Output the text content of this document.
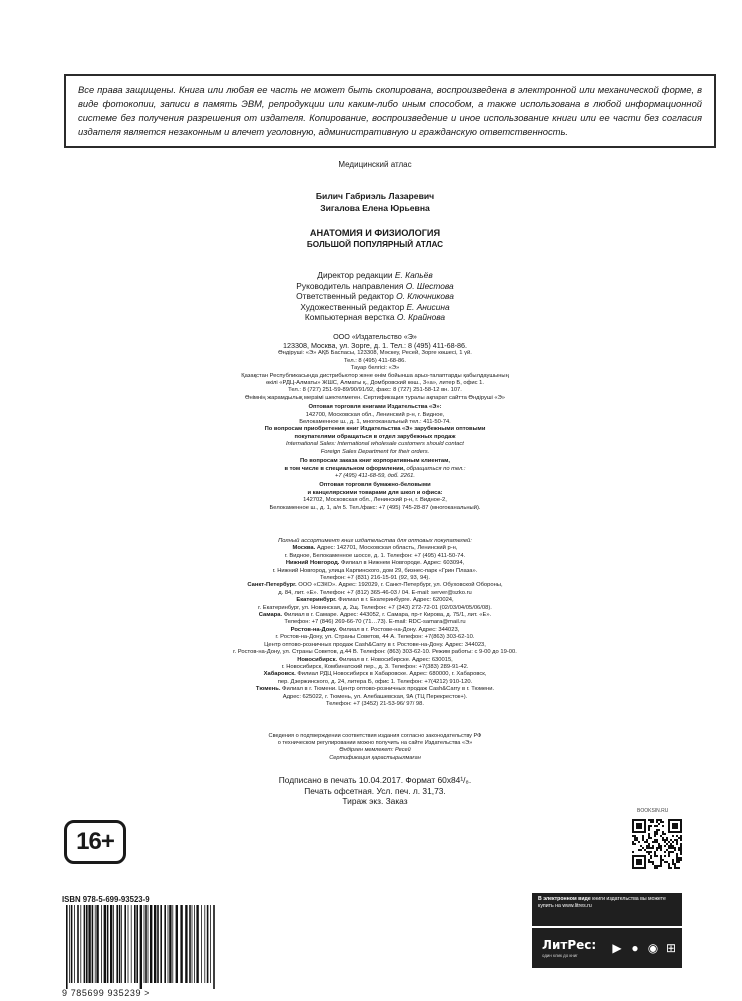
Все права защищены. Книга или любая ее часть не может быть скопирована, воспроизведена в электронной или механической форме, в виде фотокопии, записи в память ЭВМ, репродукции или каким-либо иным способом, а также использована в любой информационной системе без получения разрешения от издателя. Копирование, воспроизведение и иное использование книги или ее части без согласия издателя является незаконным и влечет уголовную, административную и гражданскую ответственность.
Медицинский атлас
Билич Габриэль Лазаревич
Зигалова Елена Юрьевна
АНАТОМИЯ И ФИЗИОЛОГИЯ
БОЛЬШОЙ ПОПУЛЯРНЫЙ АТЛАС
Директор редакции Е. Капьёв
Руководитель направления О. Шестова
Ответственный редактор О. Ключникова
Художественный редактор Е. Анисина
Компьютерная верстка О. Крайнова
ООО «Издательство «Э»
123308, Москва, ул. Зорге, д. 1. Тел.: 8 (495) 411-68-86.
Өндіруші: «Э» АҚБ Баспасы, 123308, Мәскеу, Ресей, Зорге көшесі, 1 үй.
Тел.: 8 (495) 411-68-86.
Тауар белгісі: «Э»
Қазақстан Республикасында дистрибьютор және өнім бойынша арыз-талаптарды қабылдаушының
өкілі «РДЦ-Алматы» ЖШС, Алматы қ., Домбровский көш., 3«а», литер Б, офис 1.
Тел.: 8 (727) 251-59-89/90/91/92, факс: 8 (727) 251-58-12 вн. 107.
Өнімнің жарамдылық мерзімі шектелмеген. Сертификация туралы ақпарат сайтта Өндіруші «Э»
Оптовая торговля книгами Издательства «Э»:
142700, Московская обл., Ленинский р-н, г. Видное,
Белокаменное ш., д. 1, многоканальный тел.: 411-50-74.
По вопросам приобретения книг Издательства «Э» зарубежными оптовыми
покупателями обращаться в отдел зарубежных продаж
International Sales: International wholesale customers should contact
Foreign Sales Department for their orders.
По вопросам заказа книг корпоративным клиентам,
в том числе в специальном оформлении, обращаться по тел.:
+7 (495) 411-68-59, доб. 2261.
Оптовая торговля бумажно-беловыми
и канцелярскими товарами для школ и офиса:
142702, Московская обл., Ленинский р-н, г. Видное-2,
Белокаменное ш., д. 1, а/я 5. Тел./факс: +7 (495) 745-28-87 (многоканальный).
Полный ассортимент книг издательства для оптовых покупателей:
Москва. Адрес: 142701, Московская область, Ленинский р-н,
г. Видное, Белокаменное шоссе, д. 1. Телефон: +7 (495) 411-50-74.
Нижний Новгород. Филиал в Нижнем Новгороде. Адрес: 603094,
г. Нижний Новгород, улица Карпинского, дом 29, бизнес-парк «Грин Плаза».
Телефон: +7 (831) 216-15-91 (92, 93, 94).
Санкт-Петербург. ООО «СЗКО». Адрес: 192029, г. Санкт-Петербург, ул. Обуховской Обороны,
д. 84, лит. «Е». Телефон: +7 (812) 365-46-03 / 04. E-mail: server@szko.ru
Екатеринбург. Филиал в г. Екатеринбурге. Адрес: 620024,
г. Екатеринбург, ул. Новинская, д. 2щ. Телефон: +7 (343) 272-72-01 (02/03/04/05/06/08).
Самара. Филиал в г. Самаре. Адрес: 443052, г. Самара, пр-т Кирова, д. 75/1, лит. «Е».
Телефон: +7 (846) 269-66-70 (71…73). E-mail: RDC-samara@mail.ru
Ростов-на-Дону. Филиал в г. Ростове-на-Дону. Адрес: 344023,
г. Ростов-на-Дону, ул. Страны Советов, 44 А. Телефон: +7(863) 303-62-10.
Центр оптово-розничных продаж Cash&Carry в г. Ростове-на-Дону. Адрес: 344023,
г. Ростов-на-Дону, ул. Страны Советов, д.44 В. Телефон: (863) 303-62-10. Режим работы: с 9-00 до 19-00.
Новосибирск. Филиал в г. Новосибирске. Адрес: 630015,
г. Новосибирск, Комбинатский пер., д. 3. Телефон: +7(383) 289-91-42.
Хабаровск. Филиал РДЦ Новосибирск в Хабаровске. Адрес: 680000, г. Хабаровск,
пер. Дзержинского, д. 24, литера Б, офис 1. Телефон: +7(4212) 910-120.
Тюмень. Филиал в г. Тюмени. Центр оптово-розничных продаж Cash&Carry в г. Тюмени.
Адрес: 625022, г. Тюмень, ул. Алебашевская, 9А (ТЦ Перекресток+).
Телефон: +7 (3452) 21-53-96/ 97/ 98.
Сведения о подтверждении соответствия издания согласно законодательству РФ
о техническом регулировании можно получить на сайте Издательства «Э»
Өндірген мемлекет: Ресей
Сертификация қарастырылмаған
Подписано в печать 10.04.2017. Формат 60x84¹/₈.
Печать офсетная. Усл. печ. л. 31,73.
Тираж экз. Заказ
16+
ISBN 978-5-699-93523-9
9 785699 935239 >
BOOKSIN.RU
В электронном виде книги издательства вы можете
купить на www.litres.ru
ЛитРес:
один клик до книг
▶ ● ◉ ⊞
